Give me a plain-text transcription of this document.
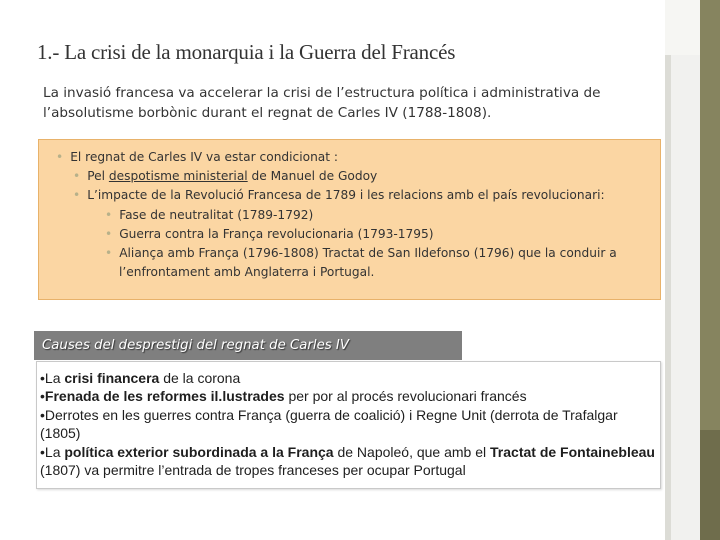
1.- La crisi de la monarquia i la Guerra del Francés
La invasió francesa va accelerar la crisi de l’estructura política i administrativa de l’absolutisme borbònic durant el regnat de Carles IV (1788-1808).
• El regnat de Carles IV va estar condicionat :
• Pel despotisme ministerial de Manuel de Godoy
• L’impacte de la Revolució Francesa de 1789 i les relacions amb el país revolucionari:
• Fase de neutralitat (1789-1792)
• Guerra contra la França revolucionaria (1793-1795)
• Aliança amb França (1796-1808) Tractat de San Ildefonso (1796) que la conduir a
l’enfrontament amb Anglaterra i Portugal.
Causes del desprestigi del regnat de Carles IV
•La crisi financera de la corona
•Frenada de les reformes il.lustrades per por al procés revolucionari francés
•Derrotes en les guerres contra França (guerra de coalició) i Regne Unit (derrota de Trafalgar (1805)
•La política exterior subordinada a la França de Napoleó, que amb el Tractat de Fontainebleau (1807) va permitre l’entrada de tropes franceses per ocupar Portugal
